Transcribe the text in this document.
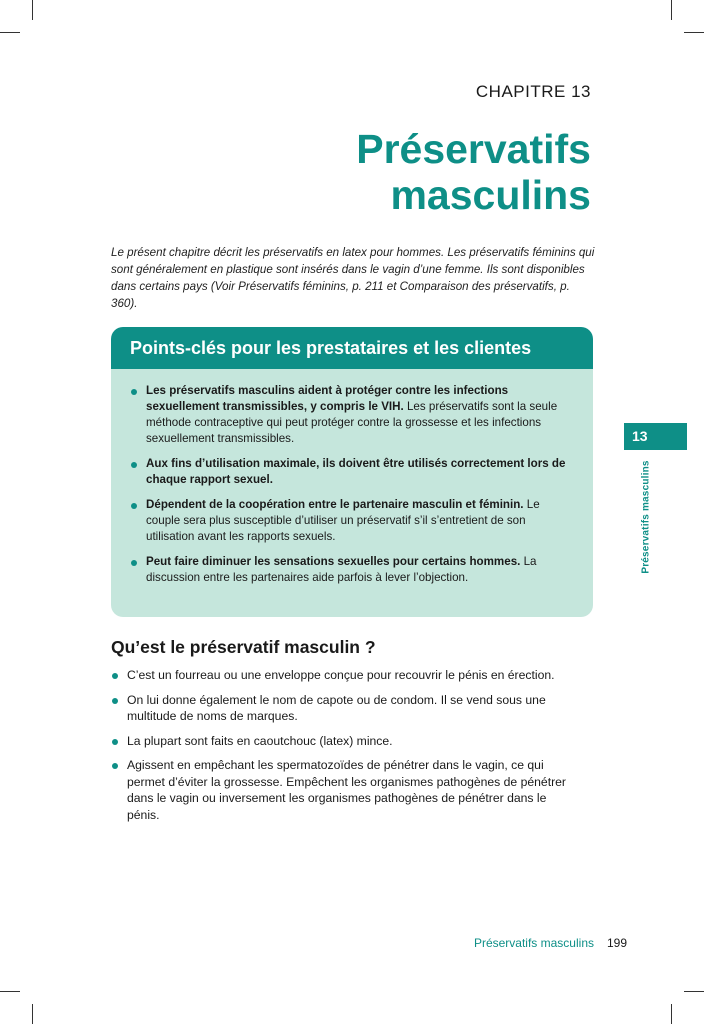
CHAPITRE 13
Préservatifs
masculins
Le présent chapitre décrit les préservatifs en latex pour hommes. Les préservatifs féminins qui sont généralement en plastique sont insérés dans le vagin d’une femme. Ils sont disponibles dans certains pays (Voir Préservatifs féminins, p. 211 et Comparaison des préservatifs, p. 360).
Points-clés pour les prestataires et les clientes
Les préservatifs masculins aident à protéger contre les infections sexuellement transmissibles, y compris le VIH. Les préservatifs sont la seule méthode contraceptive qui peut protéger contre la grossesse et les infections sexuellement transmissibles.
Aux fins d’utilisation maximale, ils doivent être utilisés correctement lors de chaque rapport sexuel.
Dépendent de la coopération entre le partenaire masculin et féminin. Le couple sera plus susceptible d’utiliser un préservatif s’il s’entretient de son utilisation avant les rapports sexuels.
Peut faire diminuer les sensations sexuelles pour certains hommes. La discussion entre les partenaires aide parfois à lever l’objection.
Qu’est le préservatif masculin ?
C’est un fourreau ou une enveloppe conçue pour recouvrir le pénis en érection.
On lui donne également le nom de capote ou de condom. Il se vend sous une multitude de noms de marques.
La plupart sont faits en caoutchouc (latex) mince.
Agissent en empêchant les spermatozoïdes de pénétrer dans le vagin, ce qui permet d’éviter la grossesse. Empêchent les organismes pathogènes de pénétrer dans le vagin ou inversement les organismes pathogènes de pénétrer dans le pénis.
13
Préservatifs masculins
Préservatifs masculins 199
